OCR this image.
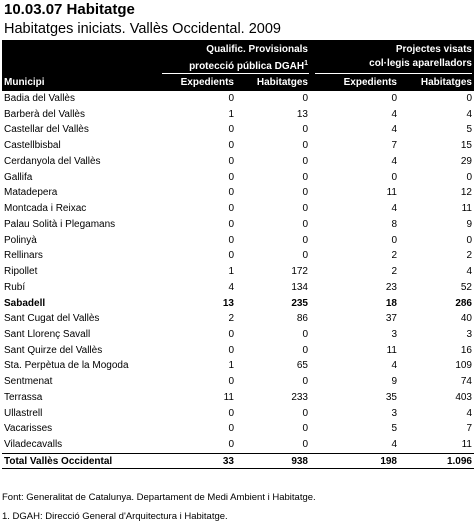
10.03.07 Habitatge
Habitatges iniciats. Vallès Occidental. 2009
Qualific. Provisionals
protecció pública DGAH$^1$
Projectes visats
col·legis aparelladors
Municipi	Expedients Habitatges	Expedients Habitatges
Badia del Vallès	0	0	0	0
Barberà del Vallès	1	13	4	4
Castellar del Vallès	0	0	4	5
Castellbisbal	0	0	7	15
Cerdanyola del Vallès	0	0	4	29
Gallifa	0	0	0	0
Matadepera	0	0	11	12
Montcada i Reixac	0	0	4	11
Palau Solità i Plegamans	0	0	8	9
Polinyà	0	0	0	0
Rellinars	0	0	2	2
Ripollet	1	172	2	4
Rubí	4	134	23	52
Sabadell	13	235	18	286
Sant Cugat del Vallès	2	86	37	40
Sant Llorenç Savall	0	0	3	3
Sant Quirze del Vallès	0	0	11	16
Sta. Perpètua de la Mogoda	1	65	4	109
Sentmenat	0	0	9	74
Terrassa	11	233	35	403
Ullastrell	0	0	3	4
Vacarisses	0	0	5	7
Viladecavalls	0	0	4	11
Total Vallès Occidental	33	938	198	1.096
Font: Generalitat de Catalunya. Departament de Medi Ambient i Habitatge.
1. DGAH: Direcció General d'Arquitectura i Habitatge.
